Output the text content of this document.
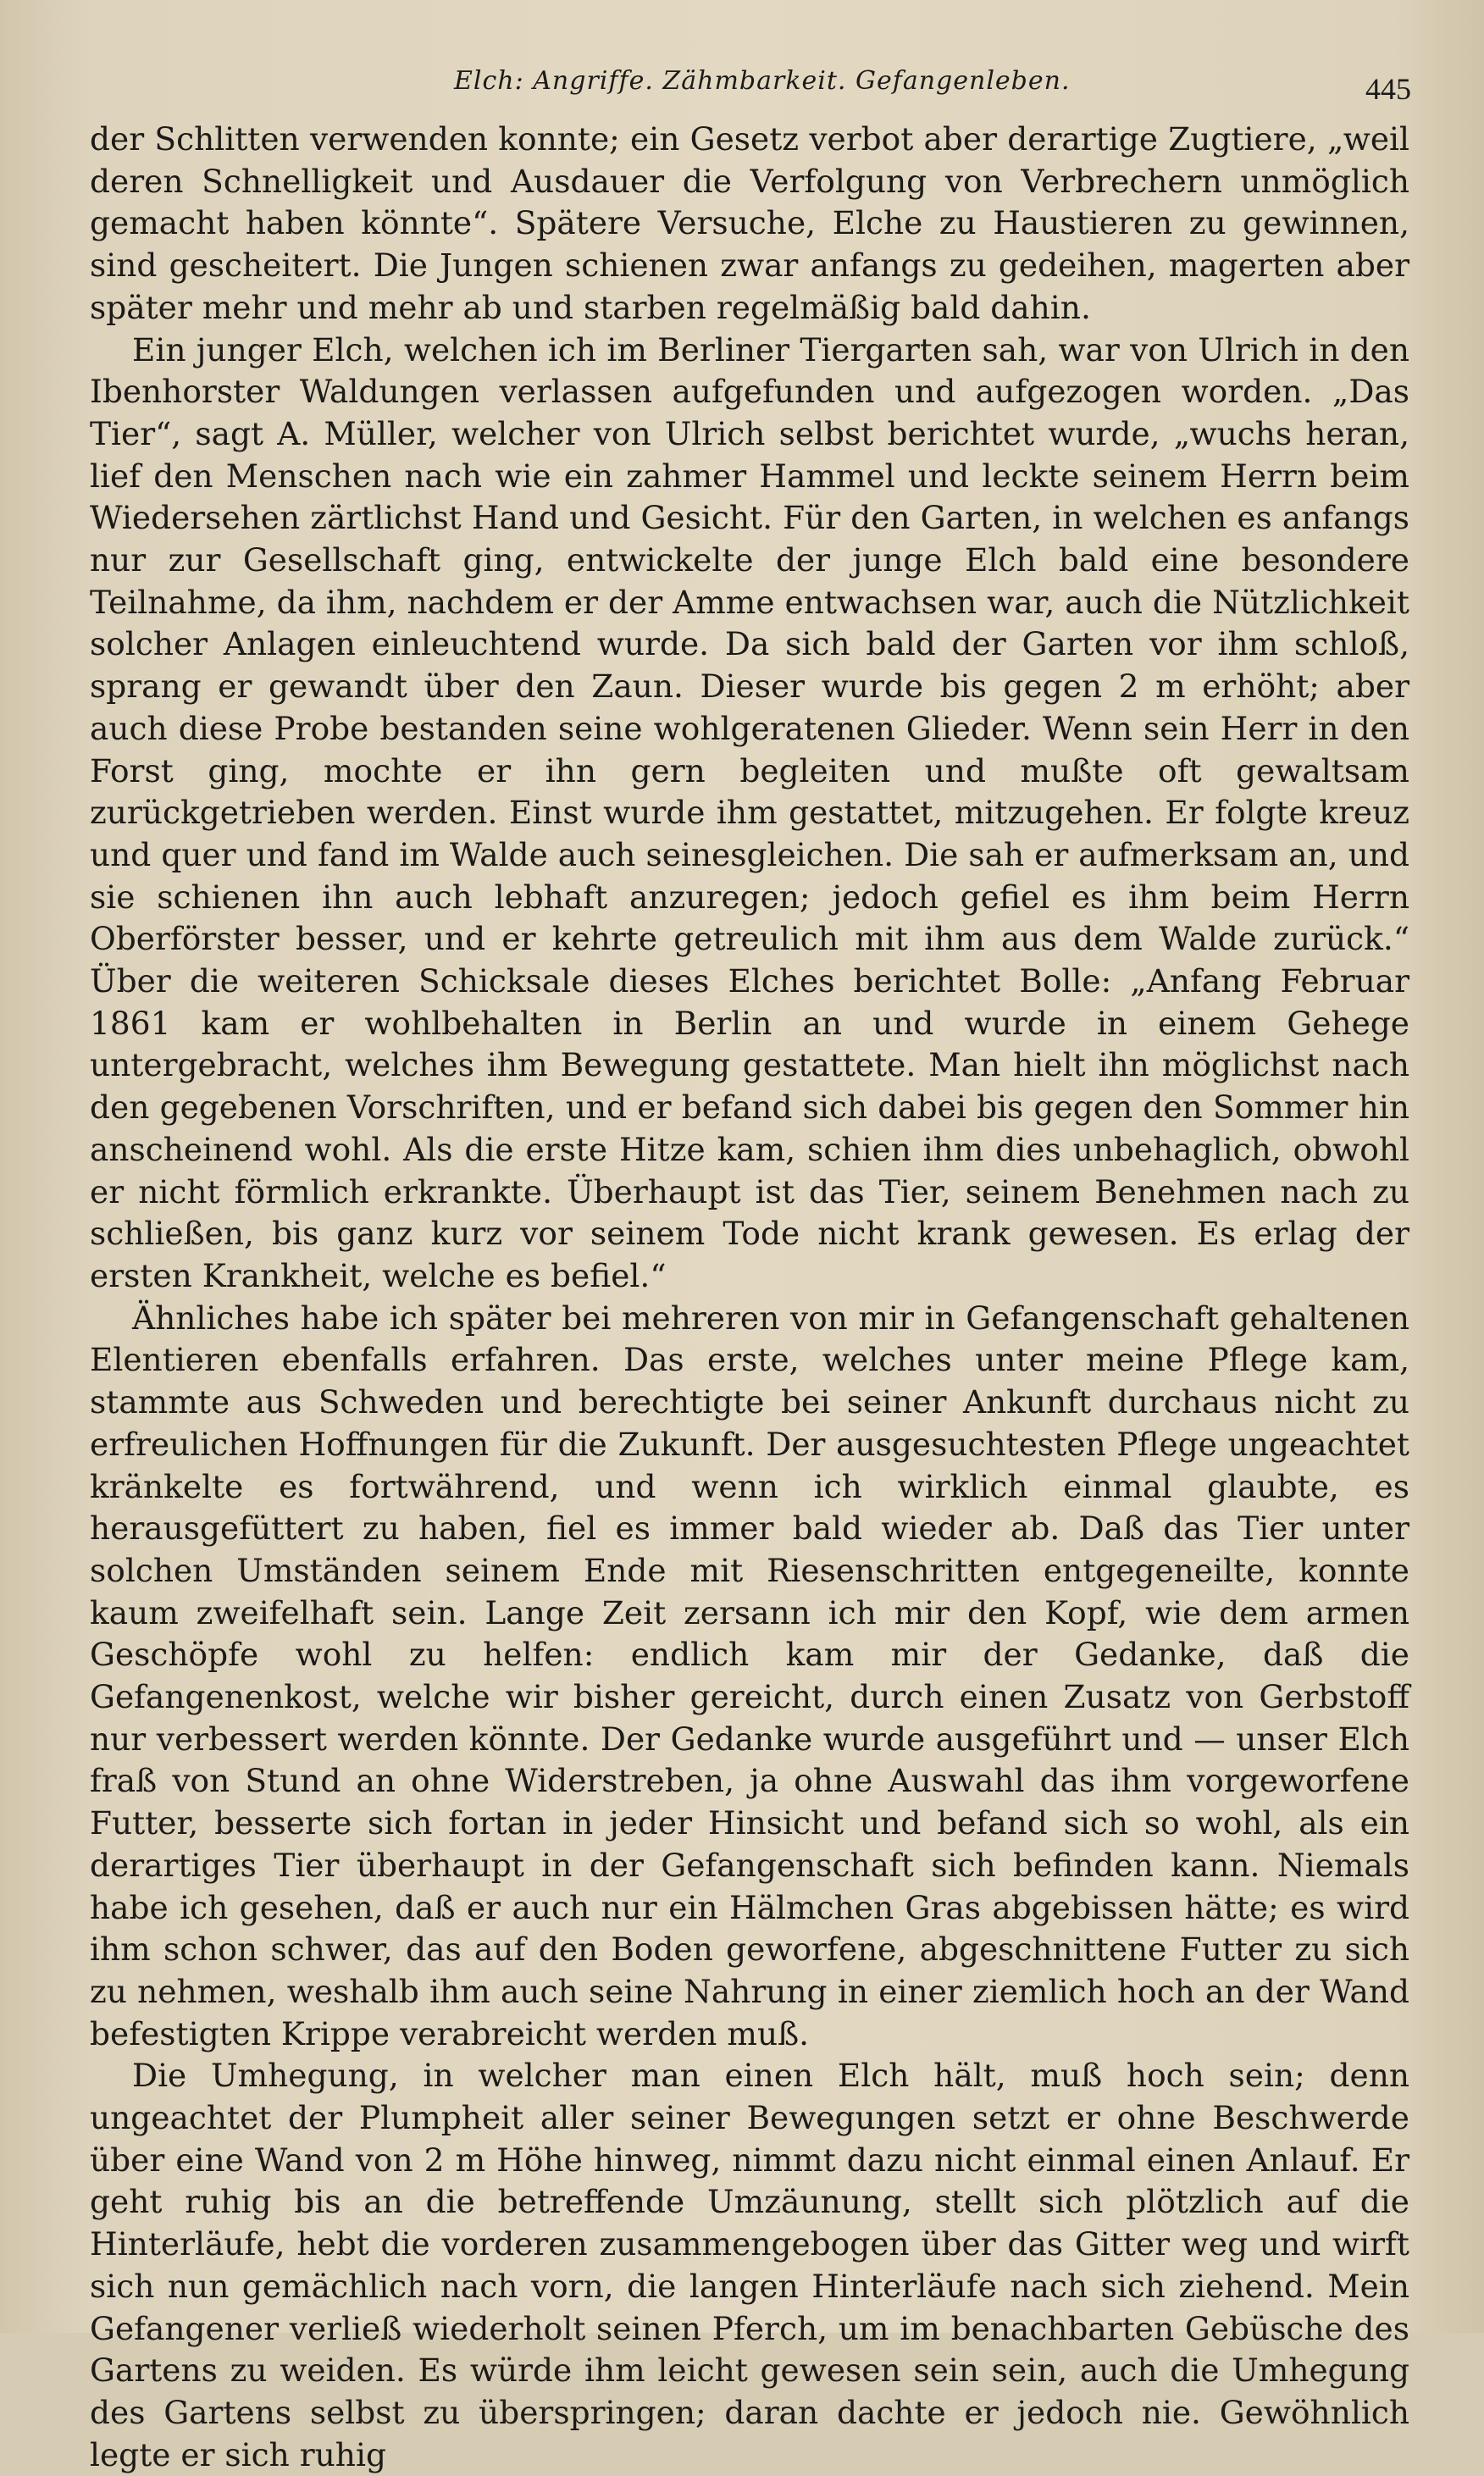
Elch: Angriffe. Zähmbarkeit. Gefangenleben.	445

der Schlitten verwenden konnte; ein Gesetz verbot aber derartige Zugtiere, „weil deren Schnelligkeit und Ausdauer die Verfolgung von Verbrechern unmöglich gemacht haben könnte“. Spätere Versuche, Elche zu Haustieren zu gewinnen, sind gescheitert. Die Jungen schienen zwar anfangs zu gedeihen, magerten aber später mehr und mehr ab und starben regelmäßig bald dahin.

Ein junger Elch, welchen ich im Berliner Tiergarten sah, war von Ulrich in den Ibenhorster Waldungen verlassen aufgefunden und aufgezogen worden. „Das Tier“, sagt A. Müller, welcher von Ulrich selbst berichtet wurde, „wuchs heran, lief den Menschen nach wie ein zahmer Hammel und leckte seinem Herrn beim Wiedersehen zärtlichst Hand und Gesicht. Für den Garten, in welchen es anfangs nur zur Gesellschaft ging, entwickelte der junge Elch bald eine besondere Teilnahme, da ihm, nachdem er der Amme entwachsen war, auch die Nützlichkeit solcher Anlagen einleuchtend wurde. Da sich bald der Garten vor ihm schloß, sprang er gewandt über den Zaun. Dieser wurde bis gegen 2 m erhöht; aber auch diese Probe bestanden seine wohlgeratenen Glieder. Wenn sein Herr in den Forst ging, mochte er ihn gern begleiten und mußte oft gewaltsam zurückgetrieben werden. Einst wurde ihm gestattet, mitzugehen. Er folgte kreuz und quer und fand im Walde auch seinesgleichen. Die sah er aufmerksam an, und sie schienen ihn auch lebhaft anzuregen; jedoch gefiel es ihm beim Herrn Oberförster besser, und er kehrte getreulich mit ihm aus dem Walde zurück.“ Über die weiteren Schicksale dieses Elches berichtet Bolle: „Anfang Februar 1861 kam er wohlbehalten in Berlin an und wurde in einem Gehege untergebracht, welches ihm Bewegung gestattete. Man hielt ihn möglichst nach den gegebenen Vorschriften, und er befand sich dabei bis gegen den Sommer hin anscheinend wohl. Als die erste Hitze kam, schien ihm dies unbehaglich, obwohl er nicht förmlich erkrankte. Überhaupt ist das Tier, seinem Benehmen nach zu schließen, bis ganz kurz vor seinem Tode nicht krank gewesen. Es erlag der ersten Krankheit, welche es befiel.“

Ähnliches habe ich später bei mehreren von mir in Gefangenschaft gehaltenen Elentieren ebenfalls erfahren. Das erste, welches unter meine Pflege kam, stammte aus Schweden und berechtigte bei seiner Ankunft durchaus nicht zu erfreulichen Hoffnungen für die Zukunft. Der ausgesuchtesten Pflege ungeachtet kränkelte es fortwährend, und wenn ich wirklich einmal glaubte, es herausgefüttert zu haben, fiel es immer bald wieder ab. Daß das Tier unter solchen Umständen seinem Ende mit Riesenschritten entgegeneilte, konnte kaum zweifelhaft sein. Lange Zeit zersann ich mir den Kopf, wie dem armen Geschöpfe wohl zu helfen: endlich kam mir der Gedanke, daß die Gefangenenkost, welche wir bisher gereicht, durch einen Zusatz von Gerbstoff nur verbessert werden könnte. Der Gedanke wurde ausgeführt und — unser Elch fraß von Stund an ohne Widerstreben, ja ohne Auswahl das ihm vorgeworfene Futter, besserte sich fortan in jeder Hinsicht und befand sich so wohl, als ein derartiges Tier überhaupt in der Gefangenschaft sich befinden kann. Niemals habe ich gesehen, daß er auch nur ein Hälmchen Gras abgebissen hätte; es wird ihm schon schwer, das auf den Boden geworfene, abgeschnittene Futter zu sich zu nehmen, weshalb ihm auch seine Nahrung in einer ziemlich hoch an der Wand befestigten Krippe verabreicht werden muß.

Die Umhegung, in welcher man einen Elch hält, muß hoch sein; denn ungeachtet der Plumpheit aller seiner Bewegungen setzt er ohne Beschwerde über eine Wand von 2 m Höhe hinweg, nimmt dazu nicht einmal einen Anlauf. Er geht ruhig bis an die betreffende Umzäunung, stellt sich plötzlich auf die Hinterläufe, hebt die vorderen zusammengebogen über das Gitter weg und wirft sich nun gemächlich nach vorn, die langen Hinterläufe nach sich ziehend. Mein Gefangener verließ wiederholt seinen Pferch, um im benachbarten Gebüsche des Gartens zu weiden. Es würde ihm leicht gewesen sein sein, auch die Umhegung des Gartens selbst zu überspringen; daran dachte er jedoch nie. Gewöhnlich legte er sich ruhig
